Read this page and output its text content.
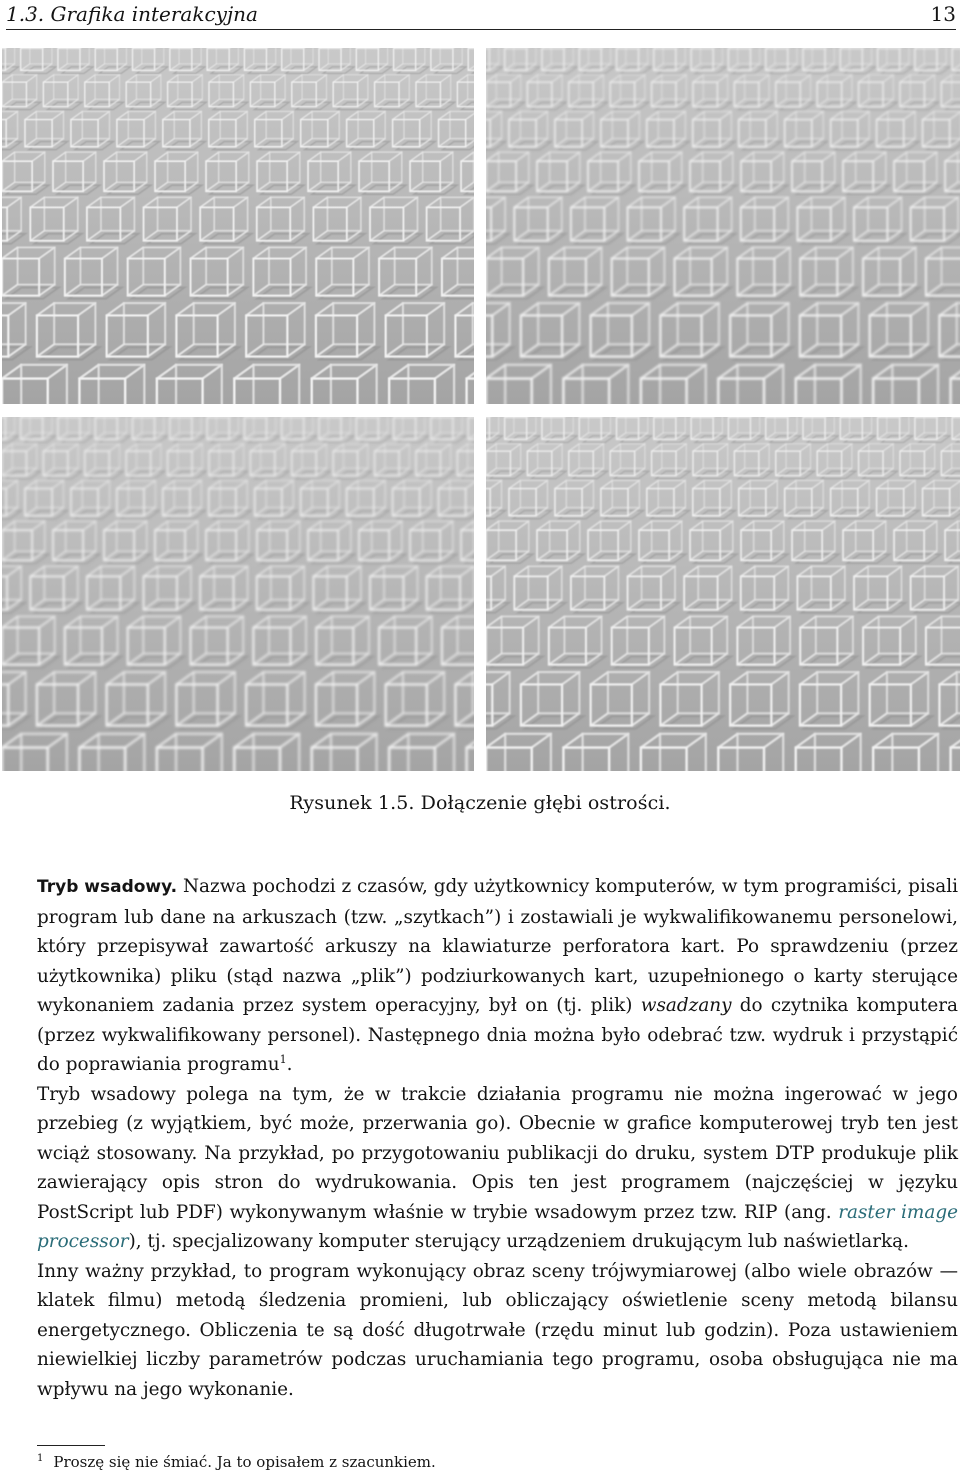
1.3. Grafika interakcyjna	13
Rysunek 1.5. Dołączenie głębi ostrości.

Tryb wsadowy. Nazwa pochodzi z czasów, gdy użytkownicy komputerów, w tym programiści, pisali program lub dane na arkuszach (tzw. „szytkach”) i zostawiali je wykwalifikowanemu personelowi, który przepisywał zawartość arkuszy na klawiaturze perforatora kart. Po sprawdzeniu (przez użytkownika) pliku (stąd nazwa „plik”) podziurkowanych kart, uzupełnionego o karty sterujące wykonaniem zadania przez system operacyjny, był on (tj. plik) wsadzany do czytnika komputera (przez wykwalifikowany personel). Następnego dnia można było odebrać tzw. wydruk i przystąpić do poprawiania programu$^1$.

Tryb wsadowy polega na tym, że w trakcie działania programu nie można ingerować w jego przebieg (z wyjątkiem, być może, przerwania go). Obecnie w grafice komputerowej tryb ten jest wciąż stosowany. Na przykład, po przygotowaniu publikacji do druku, system DTP produkuje plik zawierający opis stron do wydrukowania. Opis ten jest programem (najczęściej w języku PostScript lub PDF) wykonywanym właśnie w trybie wsadowym przez tzw. RIP (ang. raster image processor), tj. specjalizowany komputer sterujący urządzeniem drukującym lub naświetlarką.

Inny ważny przykład, to program wykonujący obraz sceny trójwymiarowej (albo wiele obrazów — klatek filmu) metodą śledzenia promieni, lub obliczający oświetlenie sceny metodą bilansu energetycznego. Obliczenia te są dość długotrwałe (rzędu minut lub godzin). Poza ustawieniem niewielkiej liczby parametrów podczas uruchamiania tego programu, osoba obsługująca nie ma wpływu na jego wykonanie.

$^1$ Proszę się nie śmiać. Ja to opisałem z szacunkiem.
